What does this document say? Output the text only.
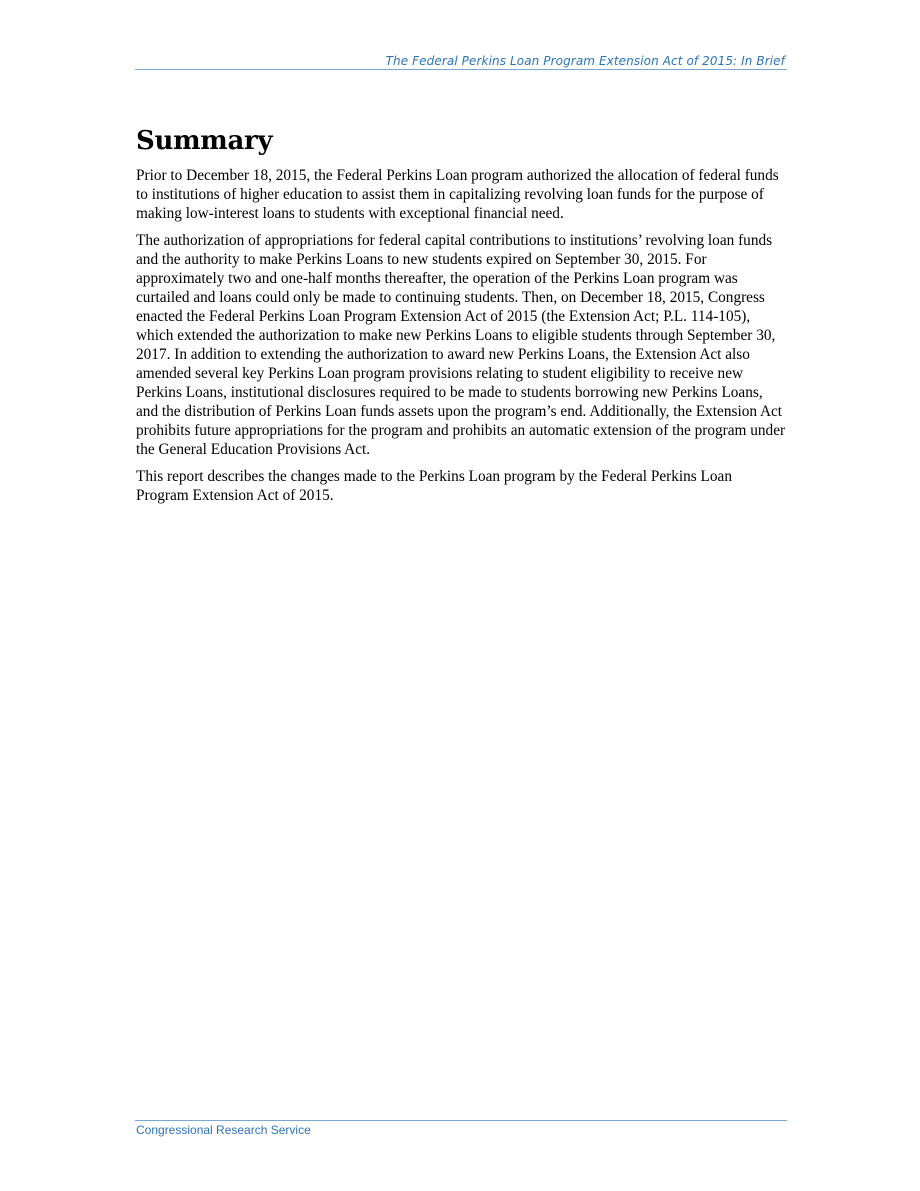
The Federal Perkins Loan Program Extension Act of 2015: In Brief
Summary

Prior to December 18, 2015, the Federal Perkins Loan program authorized the allocation of federal funds to institutions of higher education to assist them in capitalizing revolving loan funds for the purpose of making low-interest loans to students with exceptional financial need.

The authorization of appropriations for federal capital contributions to institutions’ revolving loan funds and the authority to make Perkins Loans to new students expired on September 30, 2015. For approximately two and one-half months thereafter, the operation of the Perkins Loan program was curtailed and loans could only be made to continuing students. Then, on December 18, 2015, Congress enacted the Federal Perkins Loan Program Extension Act of 2015 (the Extension Act; P.L. 114-105), which extended the authorization to make new Perkins Loans to eligible students through September 30, 2017. In addition to extending the authorization to award new Perkins Loans, the Extension Act also amended several key Perkins Loan program provisions relating to student eligibility to receive new Perkins Loans, institutional disclosures required to be made to students borrowing new Perkins Loans, and the distribution of Perkins Loan funds assets upon the program’s end. Additionally, the Extension Act prohibits future appropriations for the program and prohibits an automatic extension of the program under the General Education Provisions Act.

This report describes the changes made to the Perkins Loan program by the Federal Perkins Loan Program Extension Act of 2015.

Congressional Research Service
